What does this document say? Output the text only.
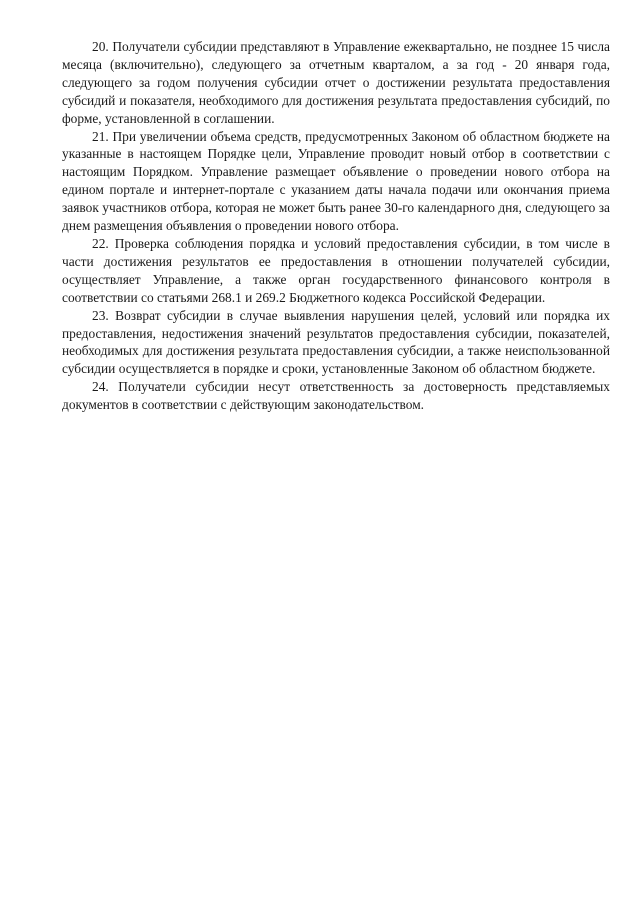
20. Получатели субсидии представляют в Управление ежеквартально, не позднее 15 числа месяца (включительно), следующего за отчетным кварталом, а за год - 20 января года, следующего за годом получения субсидии отчет о достижении результата предоставления субсидий и показателя, необходимого для достижения результата предоставления субсидий, по форме, установленной в соглашении.

21. При увеличении объема средств, предусмотренных Законом об областном бюджете на указанные в настоящем Порядке цели, Управление проводит новый отбор в соответствии с настоящим Порядком. Управление размещает объявление о проведении нового отбора на едином портале и интернет-портале с указанием даты начала подачи или окончания приема заявок участников отбора, которая не может быть ранее 30-го календарного дня, следующего за днем размещения объявления о проведении нового отбора.

22. Проверка соблюдения порядка и условий предоставления субсидии, в том числе в части достижения результатов ее предоставления в отношении получателей субсидии, осуществляет Управление, а также орган государственного финансового контроля в соответствии со статьями 268.1 и 269.2 Бюджетного кодекса Российской Федерации.

23. Возврат субсидии в случае выявления нарушения целей, условий или порядка их предоставления, недостижения значений результатов предоставления субсидии, показателей, необходимых для достижения результата предоставления субсидии, а также неиспользованной субсидии осуществляется в порядке и сроки, установленные Законом об областном бюджете.

24. Получатели субсидии несут ответственность за достоверность представляемых документов в соответствии с действующим законодательством.
